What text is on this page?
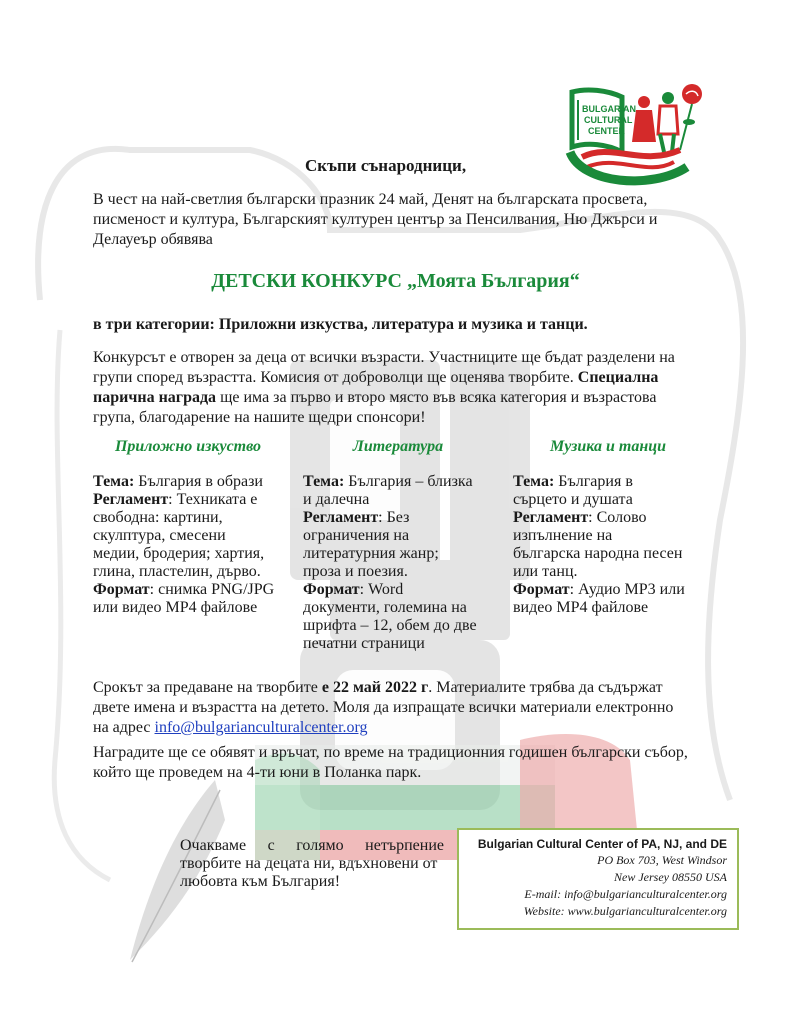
BULGARIAN
CULTURAL
CENTER
Скъпи сънародници,
В чест на най-светлия български празник 24 май, Денят на българската просвета,
писменост и култура, Българският културен център за Пенсилвания, Ню Джърси и
Делауеър обявява
ДЕТСКИ КОНКУРС „Моята България“
в три категории: Приложни изкуства, литература и музика и танци.
Конкурсът е отворен за деца от всички възрасти. Участниците ще бъдат разделени на
групи според възрастта. Комисия от доброволци ще оценява творбите. Специална
парична награда ще има за първо и второ място във всяка категория и възрастова
група, благодарение на нашите щедри спонсори!
Приложно изкуство	Литература	Музика и танци
Тема: България в образи
Регламент: Техниката е
свободна: картини,
скулптура, смесени
медии, бродерия; хартия,
глина, пластелин, дърво.
Формат: снимка PNG/JPG
или видео MP4 файлове
Тема: България – близка
и далечна
Регламент: Без
ограничения на
литературния жанр;
проза и поезия.
Формат: Word
документи, големина на
шрифта – 12, обем до две
печатни страници
Тема: България в
сърцето и душата
Регламент: Солово
изпълнение на
българска народна песен
или танц.
Формат: Аудио MP3 или
видео MP4 файлове
Срокът за предаване на творбите е 22 май 2022 г. Материалите трябва да съдържат
двете имена и възрастта на детето. Моля да изпращате всички материали електронно
на адрес info@bulgarianculturalcenter.org
Наградите ще се обявят и връчат, по време на традиционния годишен български събор,
който ще проведем на 4-ти юни в Поланка парк.
Очакваме с голямо нетърпение
творбите на децата ни, вдъхновени от
любовта към България!
Bulgarian Cultural Center of PA, NJ, and DE
PO Box 703, West Windsor
New Jersey 08550 USA
E-mail: info@bulgarianculturalcenter.org
Website: www.bulgarianculturalcenter.org
